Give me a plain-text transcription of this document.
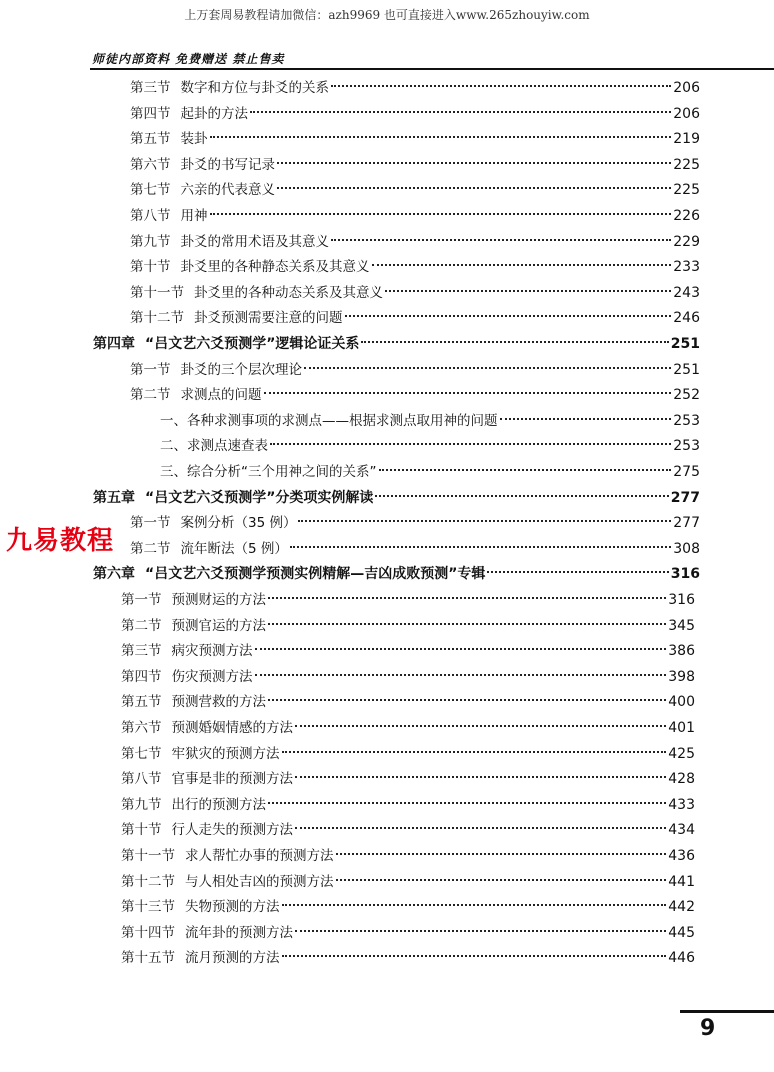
上万套周易教程请加微信：azh9969 也可直接进入www.265zhouyiw.com
师徒内部资料 免费赠送 禁止售卖
第三节 数字和方位与卦爻的关系	206
第四节 起卦的方法	206
第五节 装卦	219
第六节 卦爻的书写记录	225
第七节 六亲的代表意义	225
第八节 用神	226
第九节 卦爻的常用术语及其意义	229
第十节 卦爻里的各种静态关系及其意义	233
第十一节 卦爻里的各种动态关系及其意义	243
第十二节 卦爻预测需要注意的问题	246
第四章 “吕文艺六爻预测学”逻辑论证关系	251
第一节 卦爻的三个层次理论	251
第二节 求测点的问题	252
一、各种求测事项的求测点——根据求测点取用神的问题	253
二、求测点速查表	253
三、综合分析“三个用神之间的关系”	275
第五章 “吕文艺六爻预测学”分类项实例解读	277
第一节 案例分析（35 例）	277
第二节 流年断法（5 例）	308
第六章 “吕文艺六爻预测学预测实例精解—吉凶成败预测”专辑	316
第一节 预测财运的方法	316
第二节 预测官运的方法	345
第三节 病灾预测方法	386
第四节 伤灾预测方法	398
第五节 预测营救的方法	400
第六节 预测婚姻情感的方法	401
第七节 牢狱灾的预测方法	425
第八节 官事是非的预测方法	428
第九节 出行的预测方法	433
第十节 行人走失的预测方法	434
第十一节 求人帮忙办事的预测方法	436
第十二节 与人相处吉凶的预测方法	441
第十三节 失物预测的方法	442
第十四节 流年卦的预测方法	445
第十五节 流月预测的方法	446
九易教程
9
